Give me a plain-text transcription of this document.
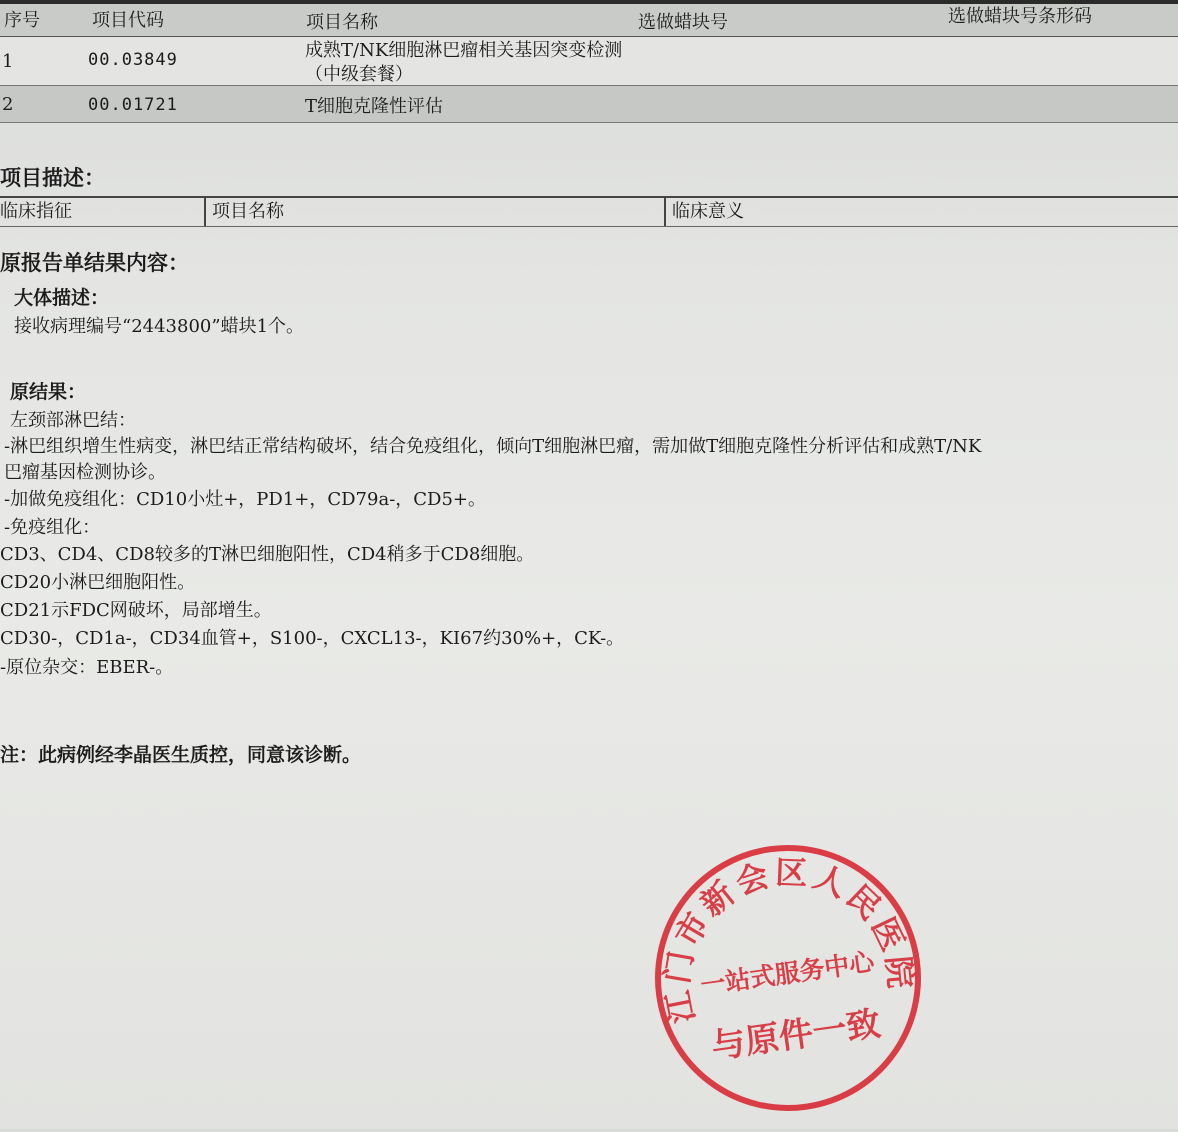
序号	项目代码	项目名称	选做蜡块号	选做蜡块号条形码
1	00.03849	成熟T/NK细胞淋巴瘤相关基因突变检测（中级套餐）
2	00.01721	T细胞克隆性评估
项目描述：
临床指征	项目名称	临床意义
原报告单结果内容：
大体描述：
接收病理编号“2443800”蜡块1个。
原结果：
左颈部淋巴结：
-淋巴组织增生性病变，淋巴结正常结构破坏，结合免疫组化，倾向T细胞淋巴瘤，需加做T细胞克隆性分析评估和成熟T/NK
巴瘤基因检测协诊。
-加做免疫组化：CD10小灶+，PD1+，CD79a-，CD5+。
-免疫组化：
CD3、CD4、CD8较多的T淋巴细胞阳性，CD4稍多于CD8细胞。
CD20小淋巴细胞阳性。
CD21示FDC网破坏，局部增生。
CD30-，CD1a-，CD34血管+，S100-，CXCL13-，KI67约30%+，CK-。
-原位杂交：EBER-。
注：此病例经李晶医生质控，同意该诊断。
江门市新会区人民医院
一站式服务中心
与原件一致
